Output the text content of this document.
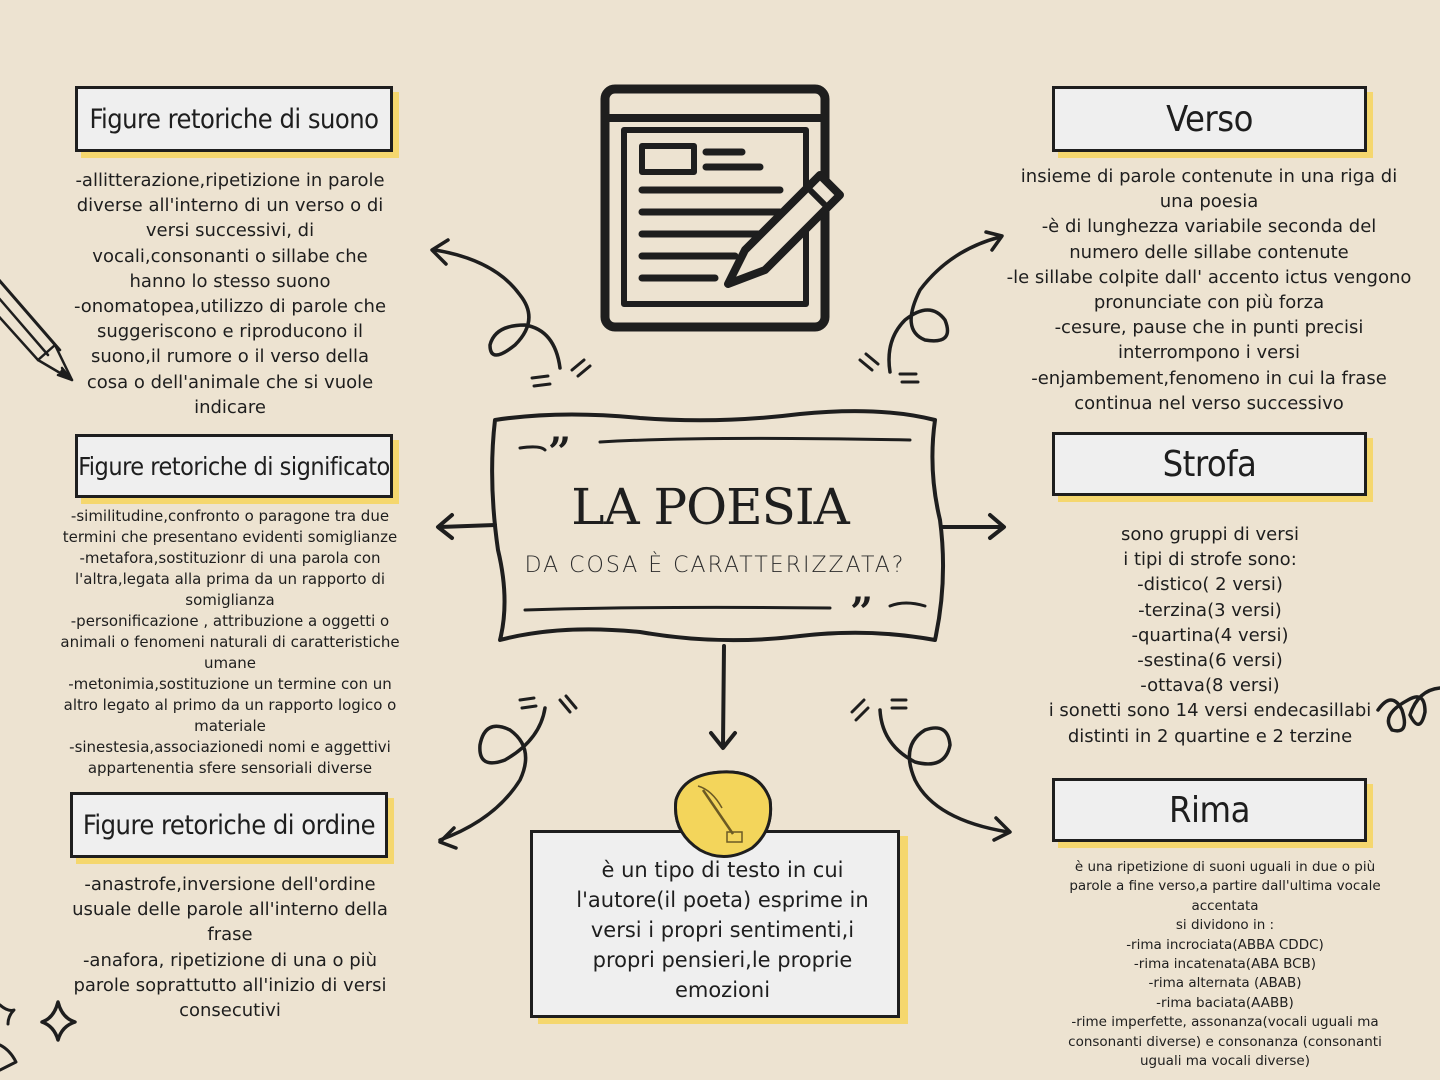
”
”
Figure retoriche di suono
Figure retoriche di significato
Figure retoriche di ordine
Verso
Strofa
Rima
-allitterazione,ripetizione in parole
diverse all'interno di un verso o di
versi successivi, di
vocali,consonanti o sillabe che
hanno lo stesso suono
-onomatopea,utilizzo di parole che
suggeriscono e riproducono il
suono,il rumore o il verso della
cosa o dell'animale che si vuole
indicare
-similitudine,confronto o paragone tra due
termini che presentano evidenti somiglianze
-metafora,sostituzionr di una parola con
l'altra,legata alla prima da un rapporto di
somiglianza
-personificazione , attribuzione a oggetti o
animali o fenomeni naturali di caratteristiche
umane
-metonimia,sostituzione un termine con un
altro legato al primo da un rapporto logico o
materiale
-sinestesia,associazionedi nomi e aggettivi
appartenentia sfere sensoriali diverse
-anastrofe,inversione dell'ordine
usuale delle parole all'interno della
frase
-anafora, ripetizione di una o più
parole soprattutto all'inizio di versi
consecutivi
insieme di parole contenute in una riga di
una poesia
-è di lunghezza variabile seconda del
numero delle sillabe contenute
-le sillabe colpite dall' accento ictus vengono
pronunciate con più forza
-cesure, pause che in punti precisi
interrompono i versi
-enjambement,fenomeno in cui la frase
continua nel verso successivo
sono gruppi di versi
i tipi di strofe sono:
-distico( 2 versi)
-terzina(3 versi)
-quartina(4 versi)
-sestina(6 versi)
-ottava(8 versi)
i sonetti sono 14 versi endecasillabi
distinti in 2 quartine e 2 terzine
è una ripetizione di suoni uguali in due o più
parole a fine verso,a partire dall'ultima vocale
accentata
si dividono in :
-rima incrociata(ABBA CDDC)
-rima incatenata(ABA BCB)
-rima alternata (ABAB)
-rima baciata(AABB)
-rime imperfette, assonanza(vocali uguali ma
consonanti diverse) e consonanza (consonanti
uguali ma vocali diverse)
LA POESIA
DA COSA È CARATTERIZZATA?
è un tipo di testo in cui
l'autore(il poeta) esprime in
versi i propri sentimenti,i
propri pensieri,le proprie
emozioni
